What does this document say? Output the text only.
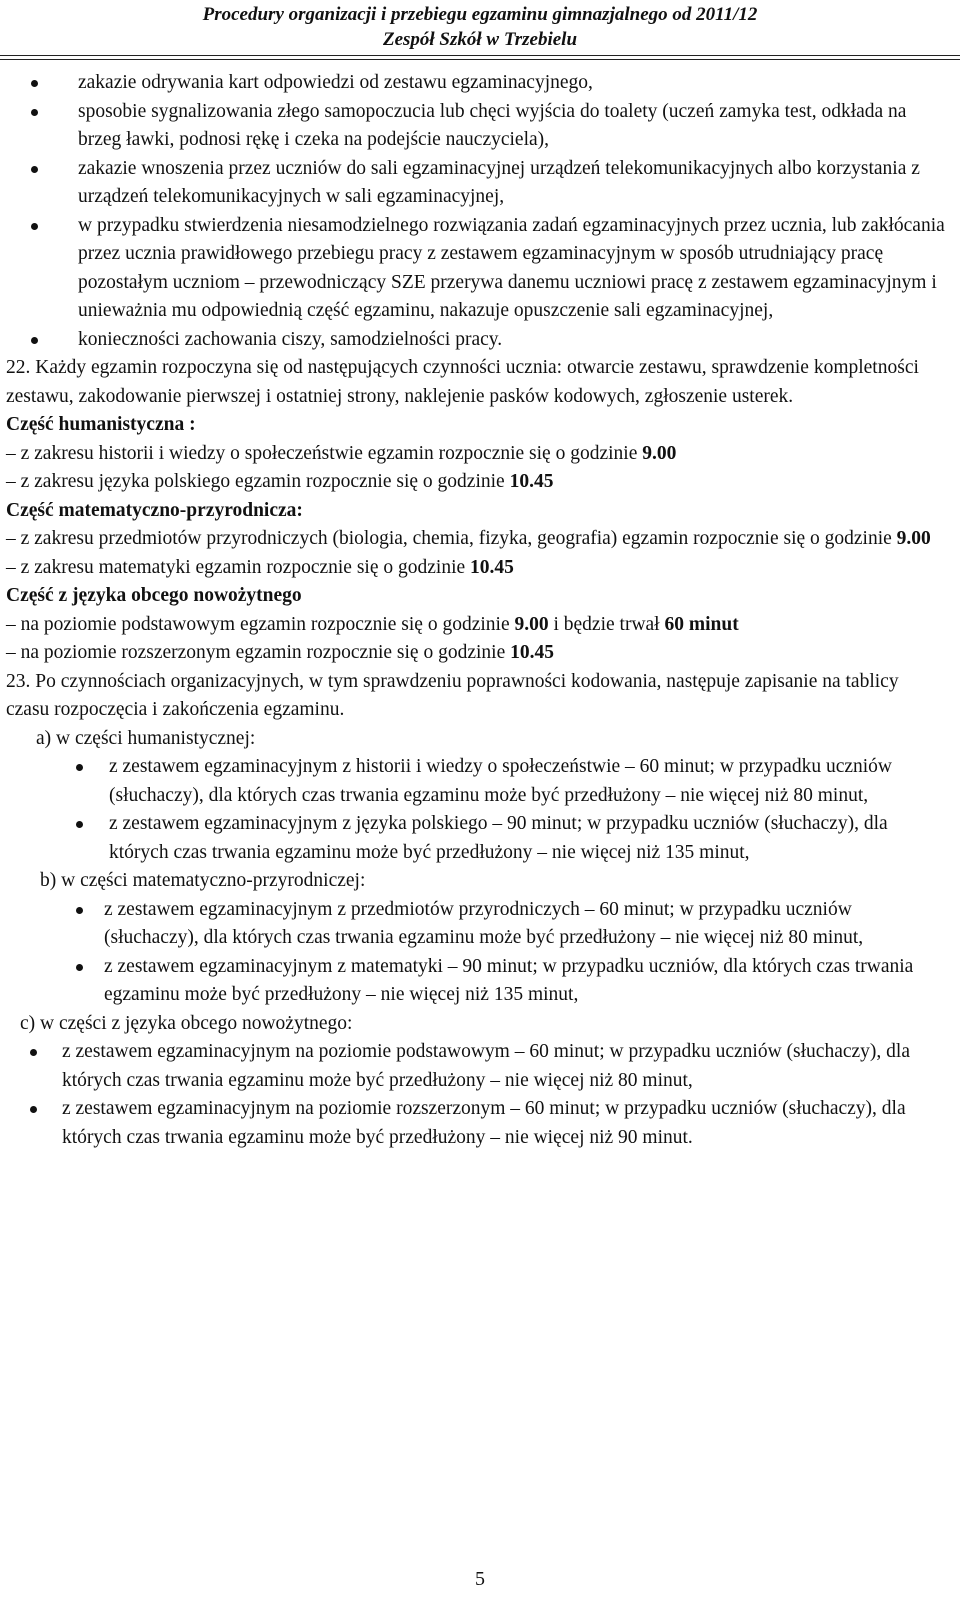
Procedury organizacji i przebiegu egzaminu gimnazjalnego od 2011/12
Zespół Szkół w Trzebielu
zakazie odrywania kart odpowiedzi od zestawu egzaminacyjnego,
sposobie sygnalizowania złego samopoczucia lub chęci wyjścia do toalety (uczeń zamyka test, odkłada na brzeg ławki, podnosi rękę i czeka na podejście nauczyciela),
zakazie wnoszenia przez uczniów do sali egzaminacyjnej urządzeń telekomunikacyjnych albo korzystania z urządzeń telekomunikacyjnych w sali egzaminacyjnej,
w przypadku stwierdzenia niesamodzielnego rozwiązania zadań egzaminacyjnych przez ucznia, lub zakłócania przez ucznia prawidłowego przebiegu pracy z zestawem egzaminacyjnym w sposób utrudniający pracę pozostałym uczniom – przewodniczący SZE przerywa danemu uczniowi pracę z zestawem egzaminacyjnym i unieważnia mu odpowiednią część egzaminu, nakazuje opuszczenie sali egzaminacyjnej,
konieczności zachowania ciszy, samodzielności pracy.
22. Każdy egzamin rozpoczyna się od następujących czynności ucznia: otwarcie zestawu, sprawdzenie kompletności zestawu, zakodowanie pierwszej i ostatniej strony, naklejenie pasków kodowych, zgłoszenie usterek.
Część humanistyczna :
– z zakresu historii i wiedzy o społeczeństwie egzamin rozpocznie się o godzinie 9.00
– z zakresu języka polskiego egzamin rozpocznie się o godzinie 10.45
Część matematyczno-przyrodnicza:
– z zakresu przedmiotów przyrodniczych (biologia, chemia, fizyka, geografia) egzamin rozpocznie się o godzinie 9.00
– z zakresu matematyki egzamin rozpocznie się o godzinie 10.45
Część z języka obcego nowożytnego
– na poziomie podstawowym egzamin rozpocznie się o godzinie 9.00 i będzie trwał 60 minut
– na poziomie rozszerzonym egzamin rozpocznie się o godzinie 10.45
23. Po czynnościach organizacyjnych, w tym sprawdzeniu poprawności kodowania, następuje zapisanie na tablicy czasu rozpoczęcia i zakończenia egzaminu.
a) w części humanistycznej:
z zestawem egzaminacyjnym z historii i wiedzy o społeczeństwie – 60 minut; w przypadku uczniów (słuchaczy), dla których czas trwania egzaminu może być przedłużony – nie więcej niż 80 minut,
z zestawem egzaminacyjnym z języka polskiego – 90 minut; w przypadku uczniów (słuchaczy), dla których czas trwania egzaminu może być przedłużony – nie więcej niż 135 minut,
b) w części matematyczno-przyrodniczej:
z zestawem egzaminacyjnym z przedmiotów przyrodniczych – 60 minut; w przypadku uczniów (słuchaczy), dla których czas trwania egzaminu może być przedłużony – nie więcej niż 80 minut,
z zestawem egzaminacyjnym z matematyki – 90 minut; w przypadku uczniów, dla których czas trwania egzaminu może być przedłużony – nie więcej niż 135 minut,
c) w części z języka obcego nowożytnego:
z zestawem egzaminacyjnym na poziomie podstawowym – 60 minut; w przypadku uczniów (słuchaczy), dla których czas trwania egzaminu może być przedłużony – nie więcej niż 80 minut,
z zestawem egzaminacyjnym na poziomie rozszerzonym – 60 minut; w przypadku uczniów (słuchaczy), dla których czas trwania egzaminu może być przedłużony – nie więcej niż 90 minut.
5
